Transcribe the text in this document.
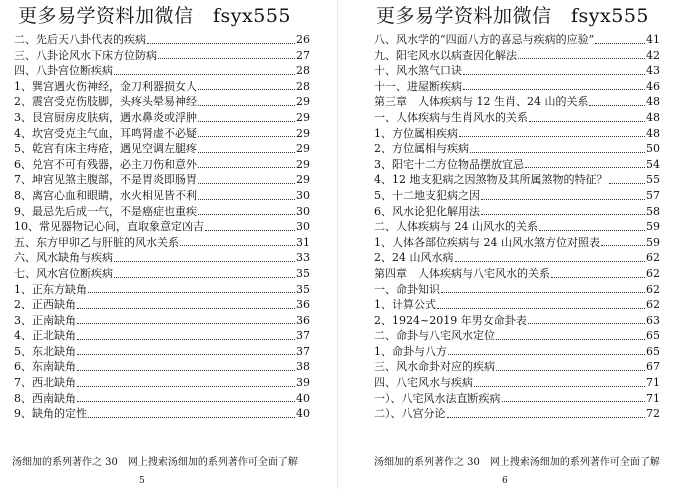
更多易学资料加微信　fsyx555
二、先后天八卦代表的疾病	26
三、八卦论风水下床方位防病	27
四、八卦宫位断疾病	28
1、巽宫遇火伤神经，金刀利器损女人	28
2、震宫受克伤肢脚，头疼头晕易神经	29
3、艮宫厨房皮肤病，遇水鼻炎或浮肿	29
4、坎宫受克主气血，耳鸣肾虚不必疑	29
5、乾宫有床主痔疮，遇见空调左腿疼	29
6、兑宫不可有残器，必主刀伤和意外	29
7、坤宫见煞主腹部，不是胃炎即肠胃	29
8、离宫心血和眼睛，水火相见皆不利	30
9、最忌先后成一气，不是癌症也重疾	30
10、常见器物记心间，直取象意定凶吉	30
五、东方甲卯乙与肝脏的风水关系	31
六、风水缺角与疾病	33
七、风水宫位断疾病	35
1、正东方缺角	35
2、正西缺角	36
3、正南缺角	36
4、正北缺角	37
5、东北缺角	37
6、东南缺角	38
7、西北缺角	39
8、西南缺角	40
9、缺角的定性	40
汤细加的系列著作之 30　网上搜索汤细加的系列著作可全面了解
5
更多易学资料加微信　fsyx555
八、风水学的“四面八方的喜忌与疾病的应验”	41
九、阳宅风水以病查因化解法	42
十、风水煞气口诀	43
十一、进屋断疾病	46
第三章　人体疾病与 12 生肖、24 山的关系	48
一、人体疾病与生肖风水的关系	48
1、方位属相疾病	48
2、方位属相与疾病	50
3、阳宅十二方位物品摆放宜忌	54
4、12 地支犯病之因煞物及其所属煞物的特征？	55
5、十二地支犯病之因	57
6、风水论犯化解用法	58
二、人体疾病与 24 山风水的关系	59
1、人体各部位疾病与 24 山风水煞方位对照表	59
2、24 山风水病	62
第四章　人体疾病与八宅风水的关系	62
一、命卦知识	62
1、计算公式	62
2、1924~2019 年男女命卦表	63
二、命卦与八宅风水定位	65
1、命卦与八方	65
三、风水命卦对应的疾病	67
四、八宅风水与疾病	71
一）、八宅风水法直断疾病	71
二）、八宫分论	72
汤细加的系列著作之 30　网上搜索汤细加的系列著作可全面了解
6
